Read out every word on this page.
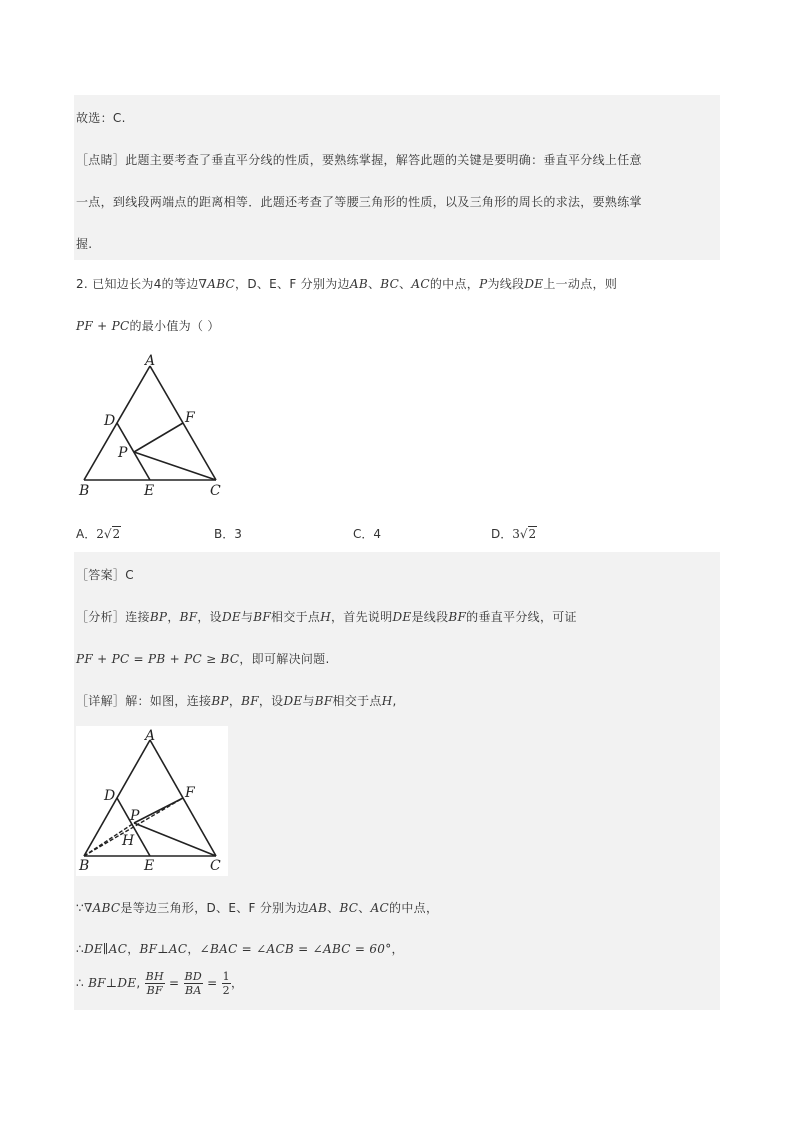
故选：C.
［点睛］此题主要考查了垂直平分线的性质，要熟练掌握，解答此题的关键是要明确：垂直平分线上任意
一点，到线段两端点的距离相等．此题还考查了等腰三角形的性质，以及三角形的周长的求法，要熟练掌
握.
2. 已知边长为4的等边∇ABC，D、E、F 分别为边AB、BC、AC的中点，P为线段DE上一动点，则
PF + PC的最小值为（ ）
A
D	F
P
B	E	C
A．2√2	B．3	C．4	D．3√2
［答案］C
［分析］连接BP，BF，设DE与BF相交于点H，首先说明DE是线段BF的垂直平分线，可证
PF + PC = PB + PC ≥ BC，即可解决问题.
［详解］解：如图，连接BP，BF，设DE与BF相交于点H,
A
D	F
P
H
B	E	C
∵∇ABC是等边三角形，D、E、F 分别为边AB、BC、AC的中点，
∴DE∥AC，BF⊥AC，∠BAC = ∠ACB = ∠ABC = 60°，
∴ BF⊥DE, $\frac{BH}{BF} = \frac{BD}{BA} = \frac{1}{2}$ ，
